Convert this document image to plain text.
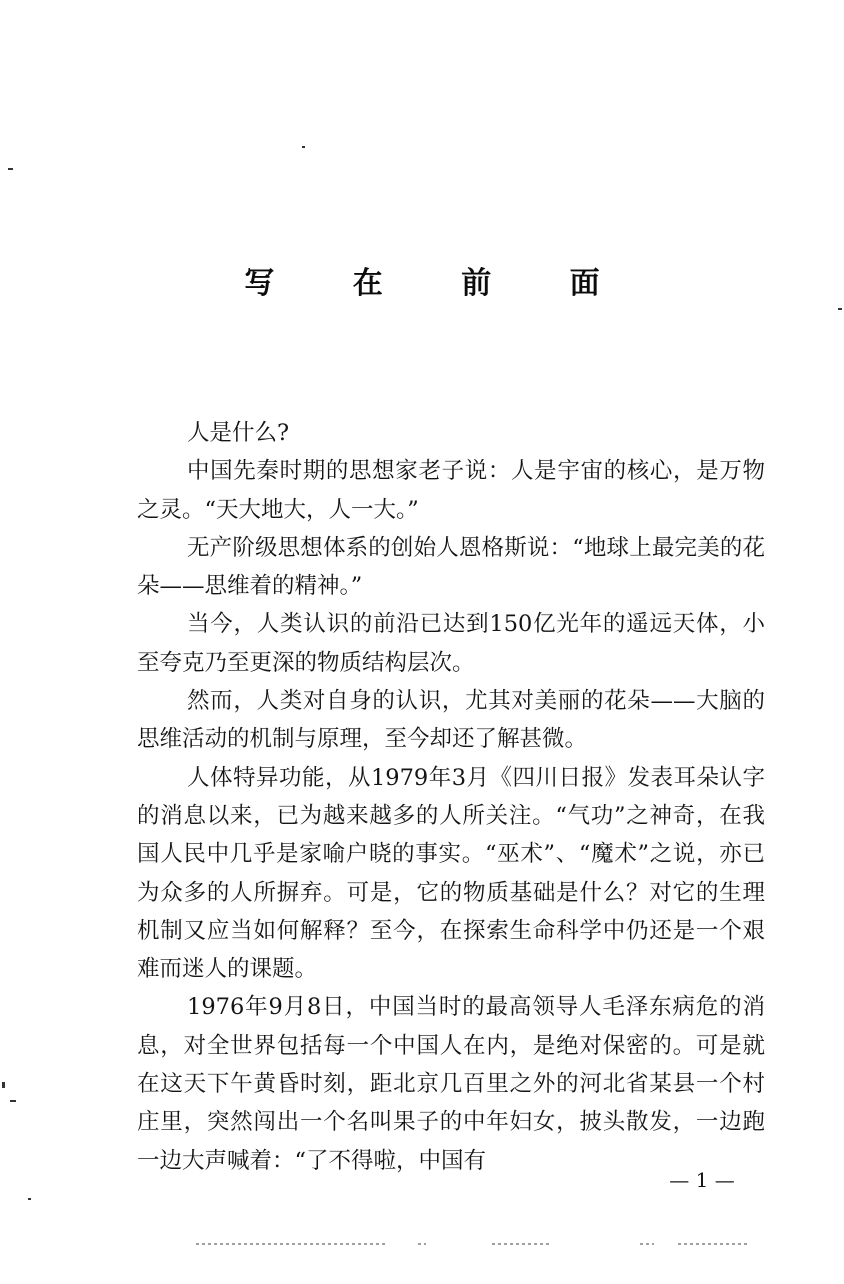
写 在 前 面

人是什么?

中国先秦时期的思想家老子说：人是宇宙的核心，是万物之灵。“天大地大，人一大。”

无产阶级思想体系的创始人恩格斯说：“地球上最完美的花朵——思维着的精神。”

当今，人类认识的前沿已达到150亿光年的遥远天体，小至夸克乃至更深的物质结构层次。

然而，人类对自身的认识，尤其对美丽的花朵——大脑的思维活动的机制与原理，至今却还了解甚微。

人体特异功能，从1979年3月《四川日报》发表耳朵认字的消息以来，已为越来越多的人所关注。“气功”之神奇，在我国人民中几乎是家喻户晓的事实。“巫术”、“魔术”之说，亦已为众多的人所摒弃。可是，它的物质基础是什么？对它的生理机制又应当如何解释？至今，在探索生命科学中仍还是一个艰难而迷人的课题。

1976年9月8日，中国当时的最高领导人毛泽东病危的消息，对全世界包括每一个中国人在内，是绝对保密的。可是就在这天下午黄昏时刻，距北京几百里之外的河北省某县一个村庄里，突然闯出一个名叫果子的中年妇女，披头散发，一边跑一边大声喊着：“了不得啦，中国有

— 1 —
